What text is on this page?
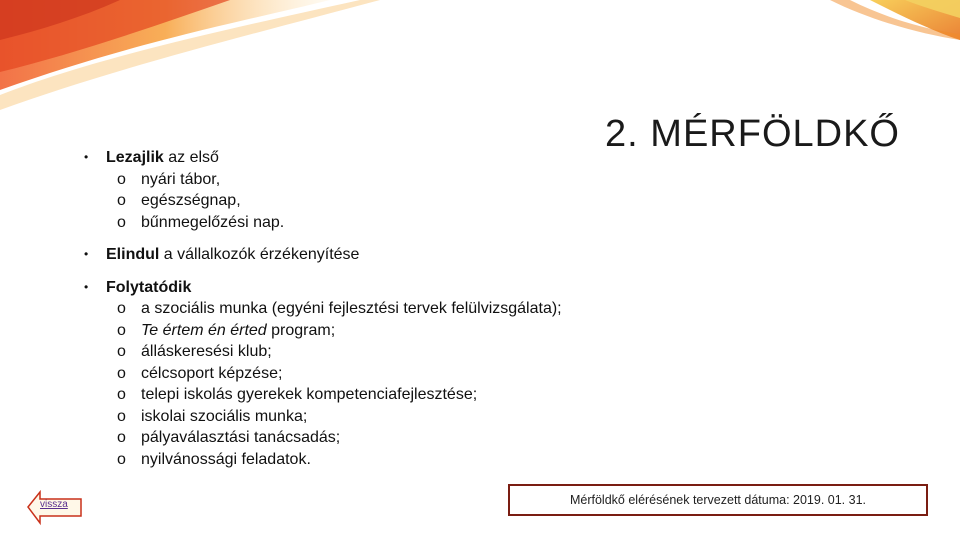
2. MÉRFÖLDKŐ
• Lezajlik az első
o nyári tábor,
o egészségnap,
o bűnmegelőzési nap.
• Elindul a vállalkozók érzékenyítése
• Folytatódik
o a szociális munka (egyéni fejlesztési tervek felülvizsgálata);
o Te értem én érted program;
o álláskeresési klub;
o célcsoport képzése;
o telepi iskolás gyerekek kompetenciafejlesztése;
o iskolai szociális munka;
o pályaválasztási tanácsadás;
o nyilvánossági feladatok.
vissza	Mérföldkő elérésének tervezett dátuma: 2019. 01. 31.
